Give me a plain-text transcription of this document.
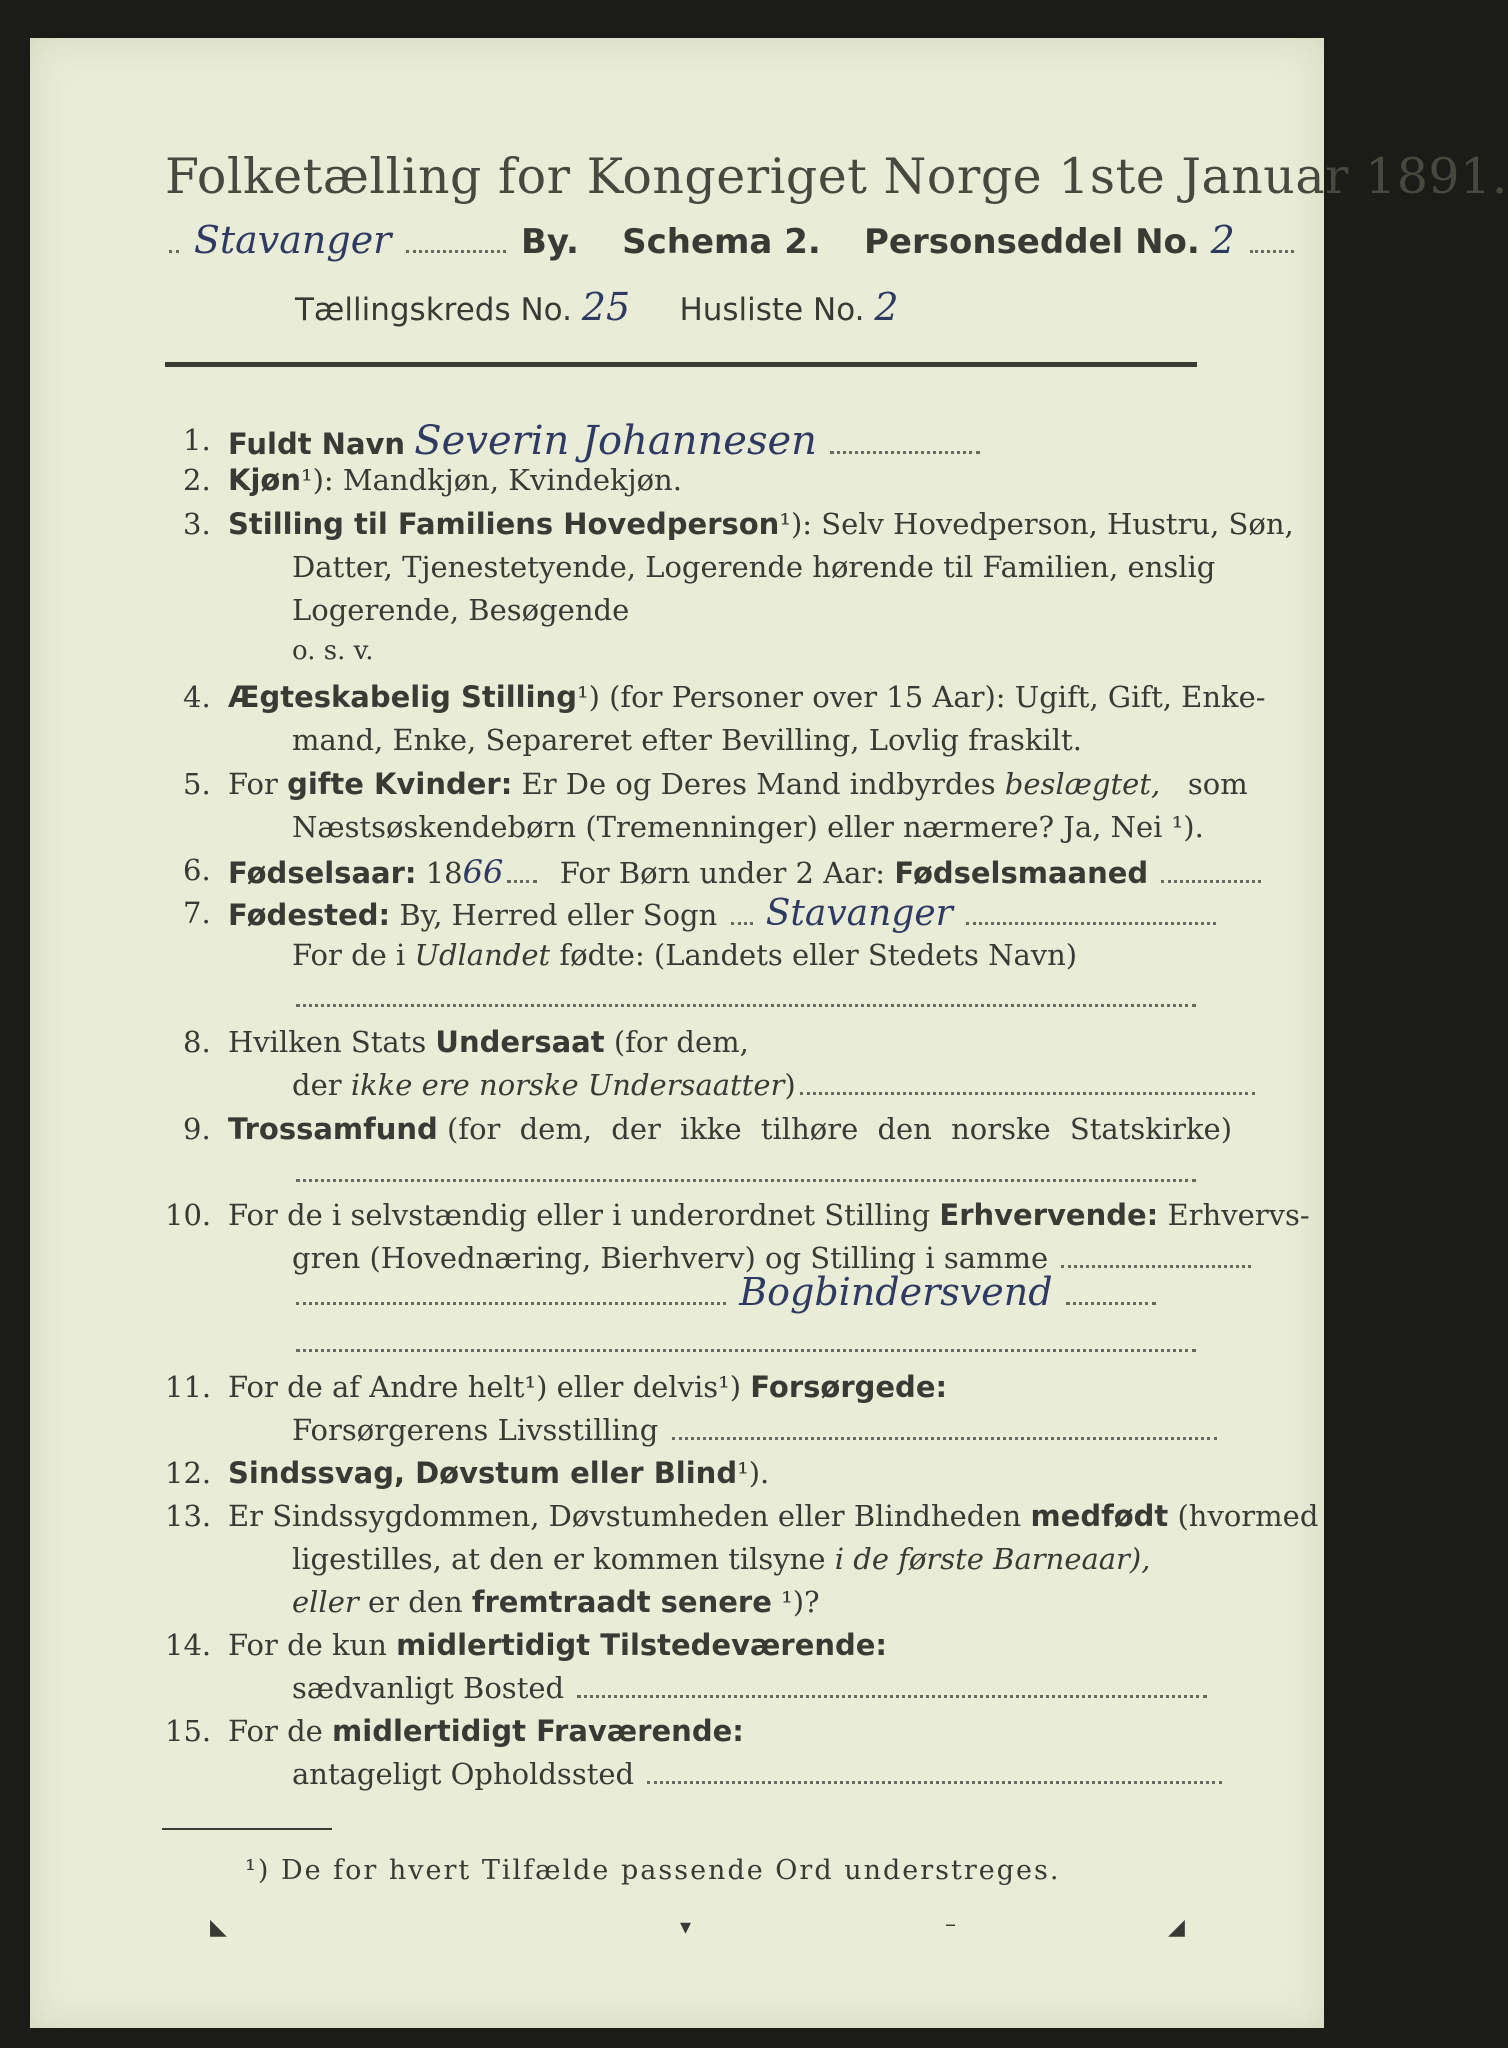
Folketælling for Kongeriget Norge 1ste Januar 1891.
Stavanger	By. Schema 2. Personseddel No. 2
Tællingskreds No. 25 Husliste No. 2
1. Fuldt Navn Severin Johannesen
2. Kjøn¹): Mandkjøn, Kvindekjøn.
3. Stilling til Familiens Hovedperson¹): Selv Hovedperson, Hustru, Søn,
Datter, Tjenestetyende, Logerende hørende til Familien, enslig
Logerende, Besøgende
o. s. v.
4. Ægteskabelig Stilling¹) (for Personer over 15 Aar): Ugift, Gift, Enke-
mand, Enke, Separeret efter Bevilling, Lovlig fraskilt.
5. For gifte Kvinder: Er De og Deres Mand indbyrdes beslægtet, som
Næstsøskendebørn (Tremenninger) eller nærmere? Ja, Nei ¹).
6. Fødselsaar: 1866 For Børn under 2 Aar: Fødselsmaaned
7. Fødested: By, Herred eller Sogn Stavanger
For de i Udlandet fødte: (Landets eller Stedets Navn)
8. Hvilken Stats Undersaat (for dem,
der ikke ere norske Undersaatter)
9. Trossamfund (for dem, der ikke tilhøre den norske Statskirke)
10. For de i selvstændig eller i underordnet Stilling Erhvervende: Erhvervs-
gren (Hovednæring, Bierhverv) og Stilling i samme
Bogbindersvend
11. For de af Andre helt¹) eller delvis¹) Forsørgede:
Forsørgerens Livsstilling
12. Sindssvag, Døvstum eller Blind¹).
13. Er Sindssygdommen, Døvstumheden eller Blindheden medfødt (hvormed
ligestilles, at den er kommen tilsyne i de første Barneaar),
eller er den fremtraadt senere ¹)?
14. For de kun midlertidigt Tilstedeværende:
sædvanligt Bosted
15. For de midlertidigt Fraværende:
antageligt Opholdssted
¹) De for hvert Tilfælde passende Ord understreges.
◣	▾	–	◢
